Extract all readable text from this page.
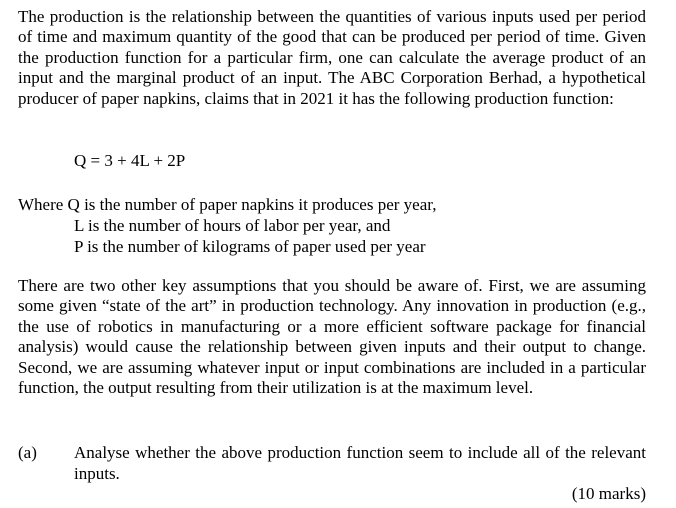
The production is the relationship between the quantities of various inputs used per period of time and maximum quantity of the good that can be produced per period of time. Given the production function for a particular firm, one can calculate the average product of an input and the marginal product of an input. The ABC Corporation Berhad, a hypothetical producer of paper napkins, claims that in 2021 it has the following production function:

Q = 3 + 4L + 2P
Where Q is the number of paper napkins it produces per year,
L is the number of hours of labor per year, and
P is the number of kilograms of paper used per year

There are two other key assumptions that you should be aware of. First, we are assuming some given “state of the art” in production technology. Any innovation in production (e.g., the use of robotics in manufacturing or a more efficient software package for financial analysis) would cause the relationship between given inputs and their output to change. Second, we are assuming whatever input or input combinations are included in a particular function, the output resulting from their utilization is at the maximum level.

(a) Analyse whether the above production function seem to include all of the relevant inputs.
(10 marks)
